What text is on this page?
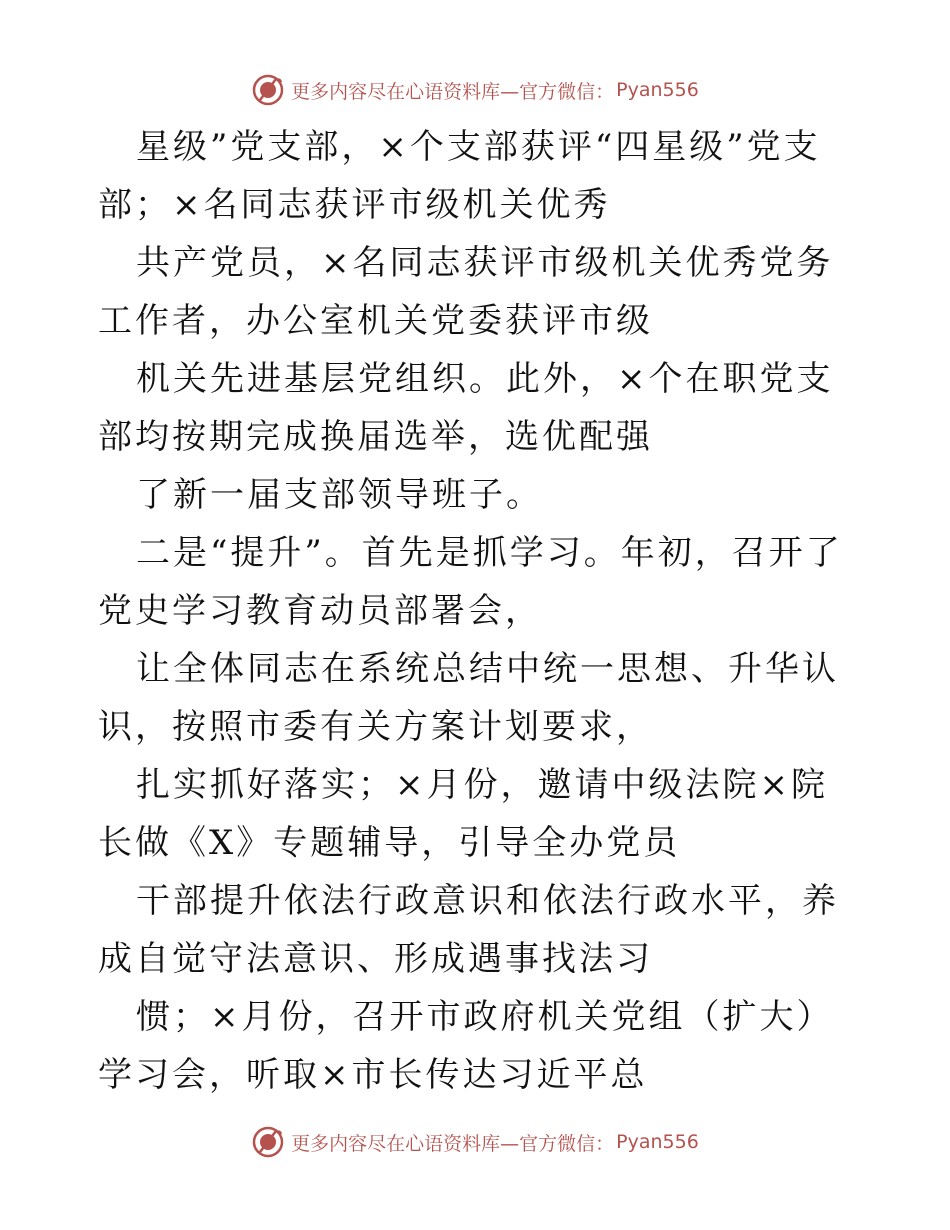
更多内容尽在心语资料库—官方微信： Pyan556

星级”党支部，×个支部获评“四星级”党支部；×名同志获评市级机关优秀

共产党员，×名同志获评市级机关优秀党务工作者，办公室机关党委获评市级

机关先进基层党组织。此外，×个在职党支部均按期完成换届选举，选优配强

了新一届支部领导班子。

二是“提升”。首先是抓学习。年初，召开了党史学习教育动员部署会，

让全体同志在系统总结中统一思想、升华认识，按照市委有关方案计划要求，

扎实抓好落实；×月份，邀请中级法院×院长做《X》专题辅导，引导全办党员

干部提升依法行政意识和依法行政水平，养成自觉守法意识、形成遇事找法习

惯；×月份，召开市政府机关党组（扩大）学习会，听取×市长传达习近平总

更多内容尽在心语资料库—官方微信： Pyan556
